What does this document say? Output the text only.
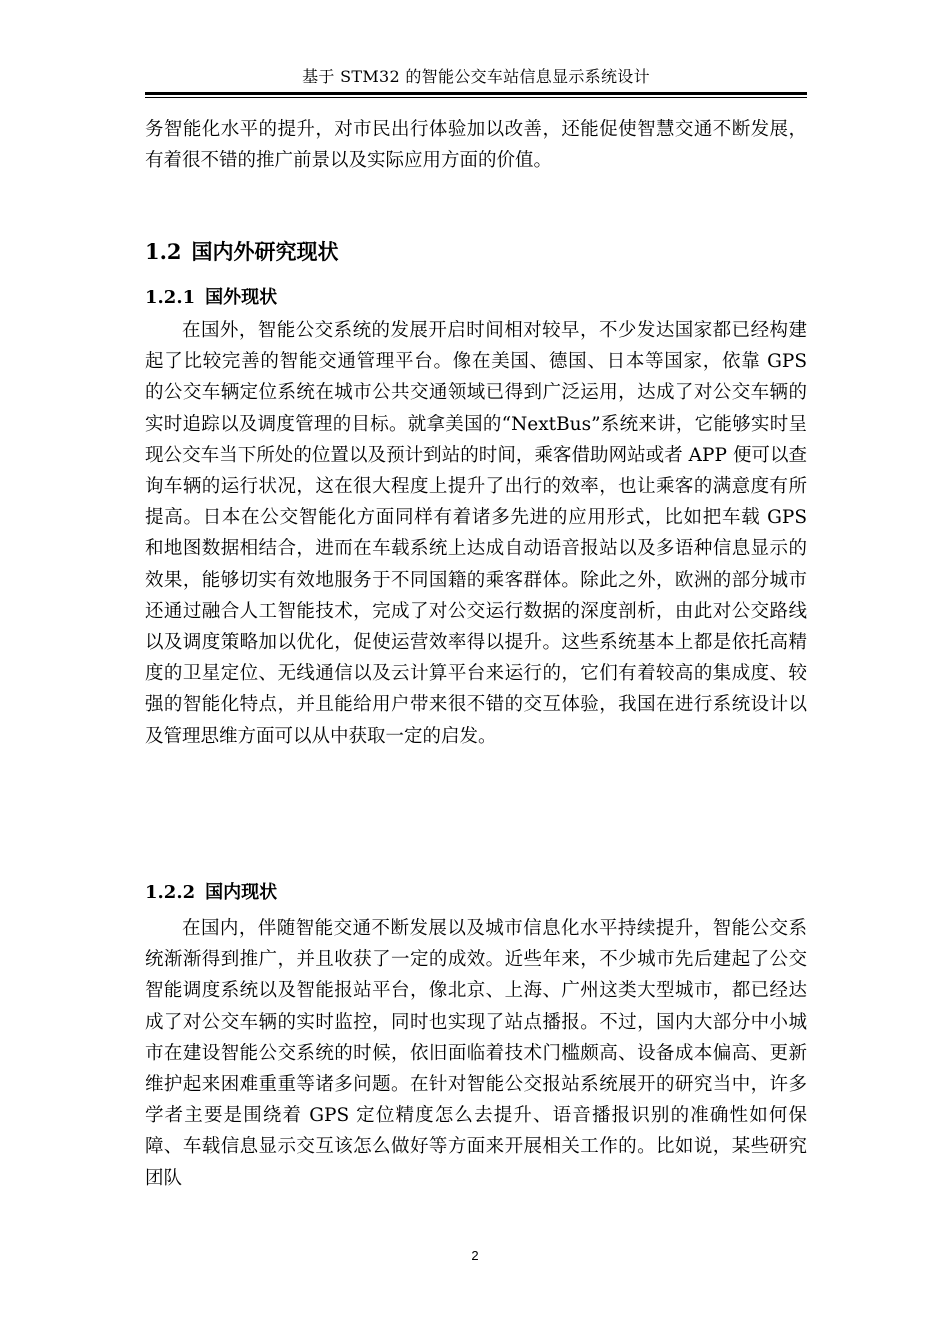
基于 STM32 的智能公交车站信息显示系统设计

务智能化水平的提升，对市民出行体验加以改善，还能促使智慧交通不断发展，有着很不错的推广前景以及实际应用方面的价值。

1.2 国内外研究现状
1.2.1 国外现状

在国外，智能公交系统的发展开启时间相对较早，不少发达国家都已经构建起了比较完善的智能交通管理平台。像在美国、德国、日本等国家，依靠 GPS 的公交车辆定位系统在城市公共交通领域已得到广泛运用，达成了对公交车辆的实时追踪以及调度管理的目标。就拿美国的“NextBus”系统来讲，它能够实时呈现公交车当下所处的位置以及预计到站的时间，乘客借助网站或者 APP 便可以查询车辆的运行状况，这在很大程度上提升了出行的效率，也让乘客的满意度有所提高。日本在公交智能化方面同样有着诸多先进的应用形式，比如把车载 GPS 和地图数据相结合，进而在车载系统上达成自动语音报站以及多语种信息显示的效果，能够切实有效地服务于不同国籍的乘客群体。除此之外，欧洲的部分城市还通过融合人工智能技术，完成了对公交运行数据的深度剖析，由此对公交路线以及调度策略加以优化，促使运营效率得以提升。这些系统基本上都是依托高精度的卫星定位、无线通信以及云计算平台来运行的，它们有着较高的集成度、较强的智能化特点，并且能给用户带来很不错的交互体验，我国在进行系统设计以及管理思维方面可以从中获取一定的启发。

1.2.2 国内现状

在国内，伴随智能交通不断发展以及城市信息化水平持续提升，智能公交系统渐渐得到推广，并且收获了一定的成效。近些年来，不少城市先后建起了公交智能调度系统以及智能报站平台，像北京、上海、广州这类大型城市，都已经达成了对公交车辆的实时监控，同时也实现了站点播报。不过，国内大部分中小城市在建设智能公交系统的时候，依旧面临着技术门槛颇高、设备成本偏高、更新维护起来困难重重等诸多问题。在针对智能公交报站系统展开的研究当中，许多学者主要是围绕着 GPS 定位精度怎么去提升、语音播报识别的准确性如何保障、车载信息显示交互该怎么做好等方面来开展相关工作的。比如说，某些研究团队

2
